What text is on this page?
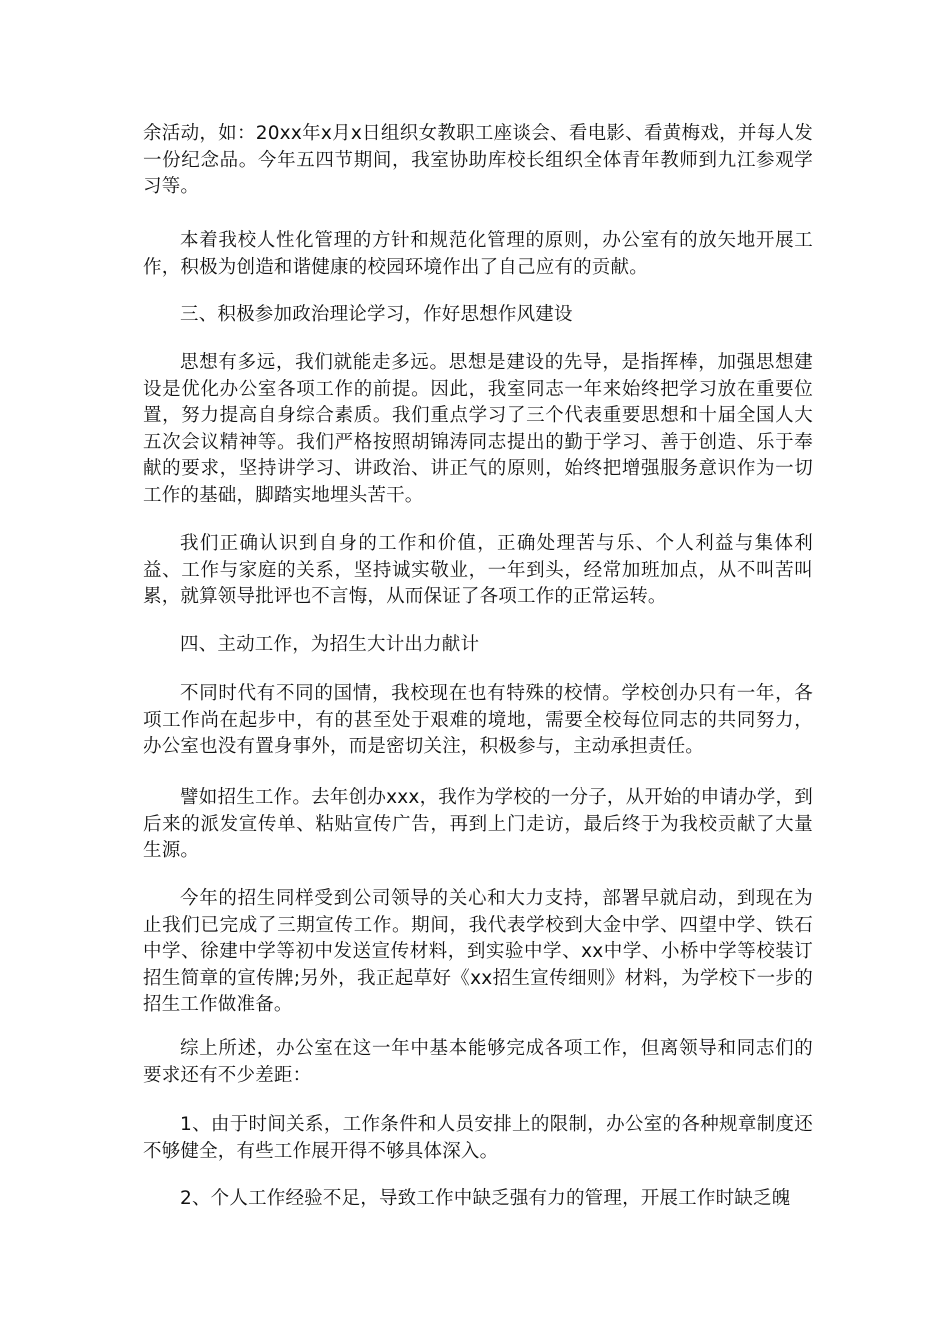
余活动，如：20xx年x月x日组织女教职工座谈会、看电影、看黄梅戏，并每人发一份纪念品。今年五四节期间，我室协助库校长组织全体青年教师到九江参观学习等。

本着我校人性化管理的方针和规范化管理的原则，办公室有的放矢地开展工作，积极为创造和谐健康的校园环境作出了自己应有的贡献。

三、积极参加政治理论学习，作好思想作风建设

思想有多远，我们就能走多远。思想是建设的先导，是指挥棒，加强思想建设是优化办公室各项工作的前提。因此，我室同志一年来始终把学习放在重要位置，努力提高自身综合素质。我们重点学习了三个代表重要思想和十届全国人大五次会议精神等。我们严格按照胡锦涛同志提出的勤于学习、善于创造、乐于奉献的要求，坚持讲学习、讲政治、讲正气的原则，始终把增强服务意识作为一切工作的基础，脚踏实地埋头苦干。

我们正确认识到自身的工作和价值，正确处理苦与乐、个人利益与集体利益、工作与家庭的关系，坚持诚实敬业，一年到头，经常加班加点，从不叫苦叫累，就算领导批评也不言悔，从而保证了各项工作的正常运转。

四、主动工作，为招生大计出力献计

不同时代有不同的国情，我校现在也有特殊的校情。学校创办只有一年，各项工作尚在起步中，有的甚至处于艰难的境地，需要全校每位同志的共同努力，办公室也没有置身事外，而是密切关注，积极参与，主动承担责任。

譬如招生工作。去年创办xxx，我作为学校的一分子，从开始的申请办学，到后来的派发宣传单、粘贴宣传广告，再到上门走访，最后终于为我校贡献了大量生源。

今年的招生同样受到公司领导的关心和大力支持，部署早就启动，到现在为止我们已完成了三期宣传工作。期间，我代表学校到大金中学、四望中学、铁石中学、徐建中学等初中发送宣传材料，到实验中学、xx中学、小桥中学等校装订招生简章的宣传牌;另外，我正起草好《xx招生宣传细则》材料，为学校下一步的招生工作做准备。

综上所述，办公室在这一年中基本能够完成各项工作，但离领导和同志们的要求还有不少差距：

1、由于时间关系，工作条件和人员安排上的限制，办公室的各种规章制度还不够健全，有些工作展开得不够具体深入。

2、个人工作经验不足，导致工作中缺乏强有力的管理，开展工作时缺乏魄
